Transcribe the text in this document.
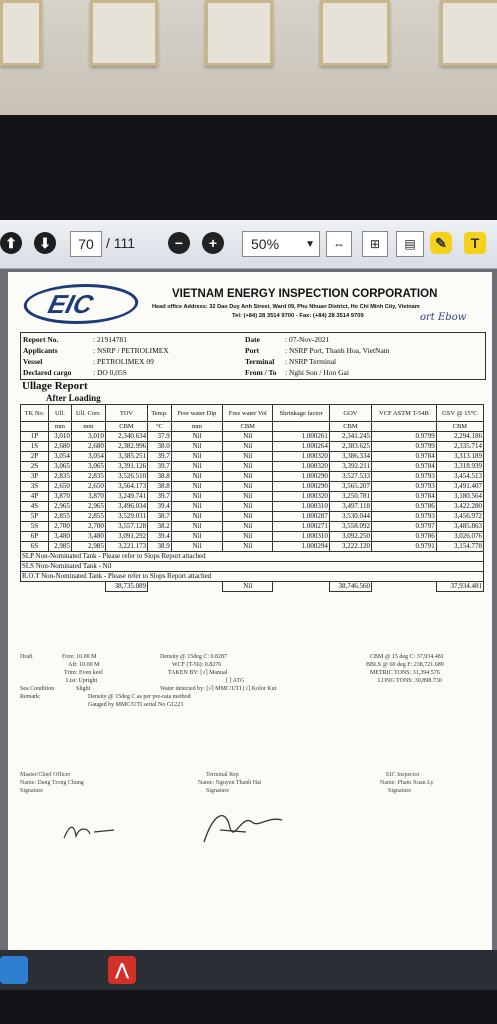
⬆	⬇	70 / 111	−	+	50%	▼	⇔	⊞	▤	✎	T
EIC	VIETNAM ENERGY INSPECTION CORPORATION
Head office Address: 32 Dao Duy Anh Street, Ward 09, Phu Nhuan District, Ho Chi Minh City, Vietnam
Tel: (+84) 28 3514 9700 - Fax: (+84) 28 3514 9709	ort Ebow
Report No.	: 21914781
Applicants	: NSRP / PETROLIMEX
Vessel	: PETROLIMEX 09
Declared cargo	: DO 0,05S
Date	: 07-Nov-2021
Port	: NSRP Port, Thanh Hoa, VietNam
Terminal	: NSRP Terminal
From / To	: Nghi Son / Hon Gai
Ullage Report
After Loading
TK No.	Ull.	Ull. Corr.	TOV	Temp.	Free water Dip	Free water Vol	Shrinkage factor	GOV	VCF ASTM T-54B	GSV @ 15°C
	mm	mm	CBM	°C	mm	CBM		CBM		CBM
1P	3,010	3,010	2,340.634	37.9	Nil	Nil	1.000261	2,341.245	0.9799	2,294.186
1S	2,680	2,680	2,382.996	38.0	Nil	Nil	1.000264	2,383.625	0.9799	2,335.714
2P	3,054	3,054	3,385.251	39.7	Nil	Nil	1.000320	3,386.334	0.9784	3,313.189
2S	3,065	3,065	3,391.126	39.7	Nil	Nil	1.000320	3,392.211	0.9784	3,318.939
3P	2,835	2,835	3,526.510	38.8	Nil	Nil	1.000290	3,527.533	0.9793	3,454.513
3S	2,650	2,650	3,564.173	38.8	Nil	Nil	1.000290	3,565.207	0.9793	3,491.407
4P	3,870	3,870	3,249.741	39.7	Nil	Nil	1.000320	3,250.781	0.9784	3,180.564
4S	2,965	2,965	3,496.034	39.4	Nil	Nil	1.000310	3,497.118	0.9786	3,422.280
5P	2,855	2,855	3,529.031	38.7	Nil	Nil	1.000287	3,530.044	0.9793	3,456.972
5S	2,700	2,700	3,557.128	38.2	Nil	Nil	1.000271	3,558.092	0.9797	3,485.863
6P	3,480	3,480	3,091.292	39.4	Nil	Nil	1.000310	3,092.250	0.9786	3,026.076
6S	2,985	2,985	3,221.173	38.9	Nil	Nil	1.000294	3,222.120	0.9791	3,154.778
SLP Non-Nominated Tank - Please refer to Slops Report attached										
SLS Non-Nominated Tank - Nil										
R.O.T Non-Nominated Tank - Please refer to Slops Report attached										
			38,735.089			Nil		38,746.560		37,934.481
Draft	Fore: 10.00 M
Aft: 10.00 M
Trim: Even keel
List: Upright
Sea Condition	Slight
Remark:
Density @ 15deg C: 0.8287
WCF (T-56): 0.8276
TAKEN BY: [√] Manual
[ ] ATG
Water detected by: [√] MMC/UTI [√] Kolor Kut
Density @ 15deg C as per pre-rata method
Gauged by MMC/UTI serial No G1223
CBM @ 15 deg C: 37,934.481
BBLS @ 60 deg F: 238,721.689
METRIC TONS: 31,394.576
LONG TONS: 30,898.730
Master/Chief Officer
Name: Dang Trong Chung
Signature
Terminal Rep
Name: Nguyen Thanh Hai
Signature
EIC Inspector
Name: Pham Xuan Ly
Signature
⋀
